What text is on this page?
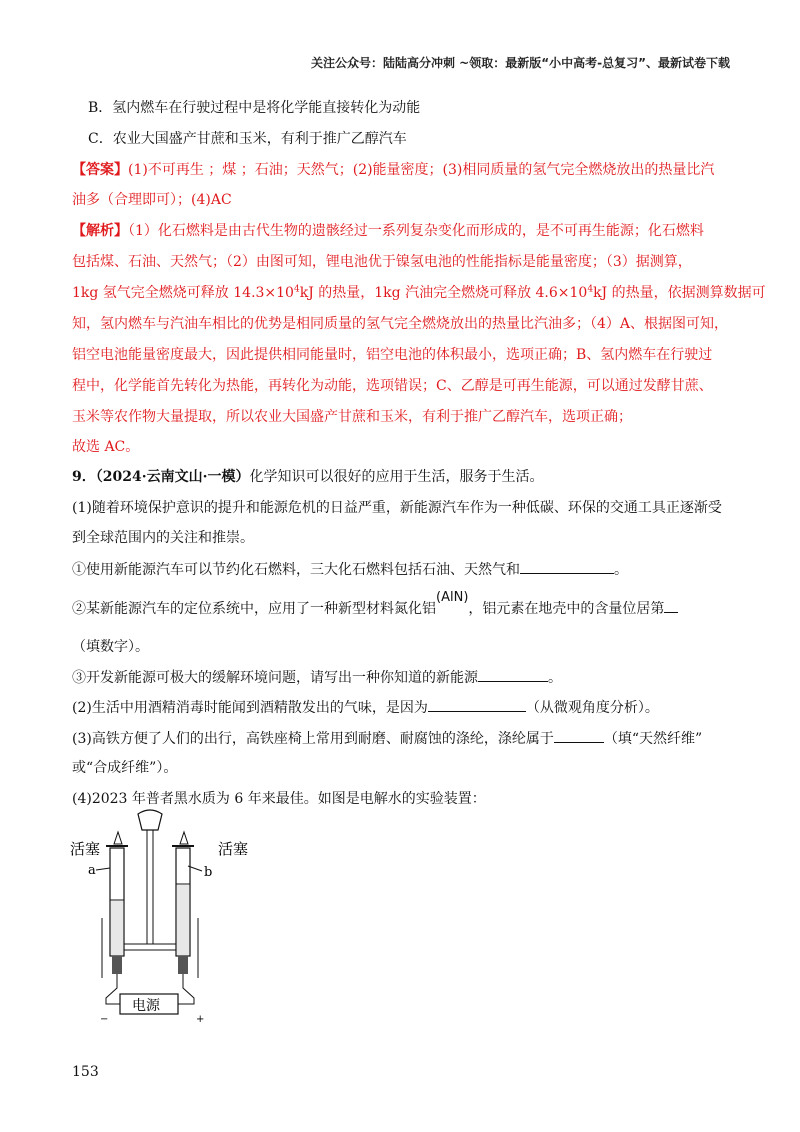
关注公众号：陆陆高分冲刺 ~领取：最新版“小中高考-总复习”、最新试卷下载
B．氢内燃车在行驶过程中是将化学能直接转化为动能
C．农业大国盛产甘蔗和玉米，有利于推广乙醇汽车
【答案】(1)不可再生 ；煤 ；石油；天然气；(2)能量密度；(3)相同质量的氢气完全燃烧放出的热量比汽
油多（合理即可）；(4)AC
【解析】（1）化石燃料是由古代生物的遗骸经过一系列复杂变化而形成的，是不可再生能源；化石燃料
包括煤、石油、天然气；（2）由图可知，锂电池优于镍氢电池的性能指标是能量密度；（3）据测算，
1kg 氢气完全燃烧可释放 $14.3\times 10^4kJ$ 的热量，1kg 汽油完全燃烧可释放 $4.6\times 10^4kJ$ 的热量，依据测算数据可
知，氢内燃车与汽油车相比的优势是相同质量的氢气完全燃烧放出的热量比汽油多；（4）A、根据图可知，
铝空电池能量密度最大，因此提供相同能量时，铝空电池的体积最小，选项正确；B、氢内燃车在行驶过
程中，化学能首先转化为热能，再转化为动能，选项错误；C、乙醇是可再生能源，可以通过发酵甘蔗、
玉米等农作物大量提取，所以农业大国盛产甘蔗和玉米，有利于推广乙醇汽车，选项正确；
故选 AC。
9．（2024·云南文山·一模）化学知识可以很好的应用于生活，服务于生活。
(1)随着环境保护意识的提升和能源危机的日益严重，新能源汽车作为一种低碳、环保的交通工具正逐渐受
到全球范围内的关注和推崇。
①使用新能源汽车可以节约化石燃料，三大化石燃料包括石油、天然气和	。
②某新能源汽车的定位系统中，应用了一种新型材料氮化铝(AlN)，铝元素在地壳中的含量位居第
（填数字）。
③开发新能源可极大的缓解环境问题，请写出一种你知道的新能源	。
(2)生活中用酒精消毒时能闻到酒精散发出的气味，是因为	（从微观角度分析）。
(3)高铁方便了人们的出行，高铁座椅上常用到耐磨、耐腐蚀的涤纶，涤纶属于	（填“天然纤维”
或“合成纤维”）。
(4)2023 年普者黑水质为 6 年来最佳。如图是电解水的实验装置：
活塞	活塞
a	b
电源
−	+
153
